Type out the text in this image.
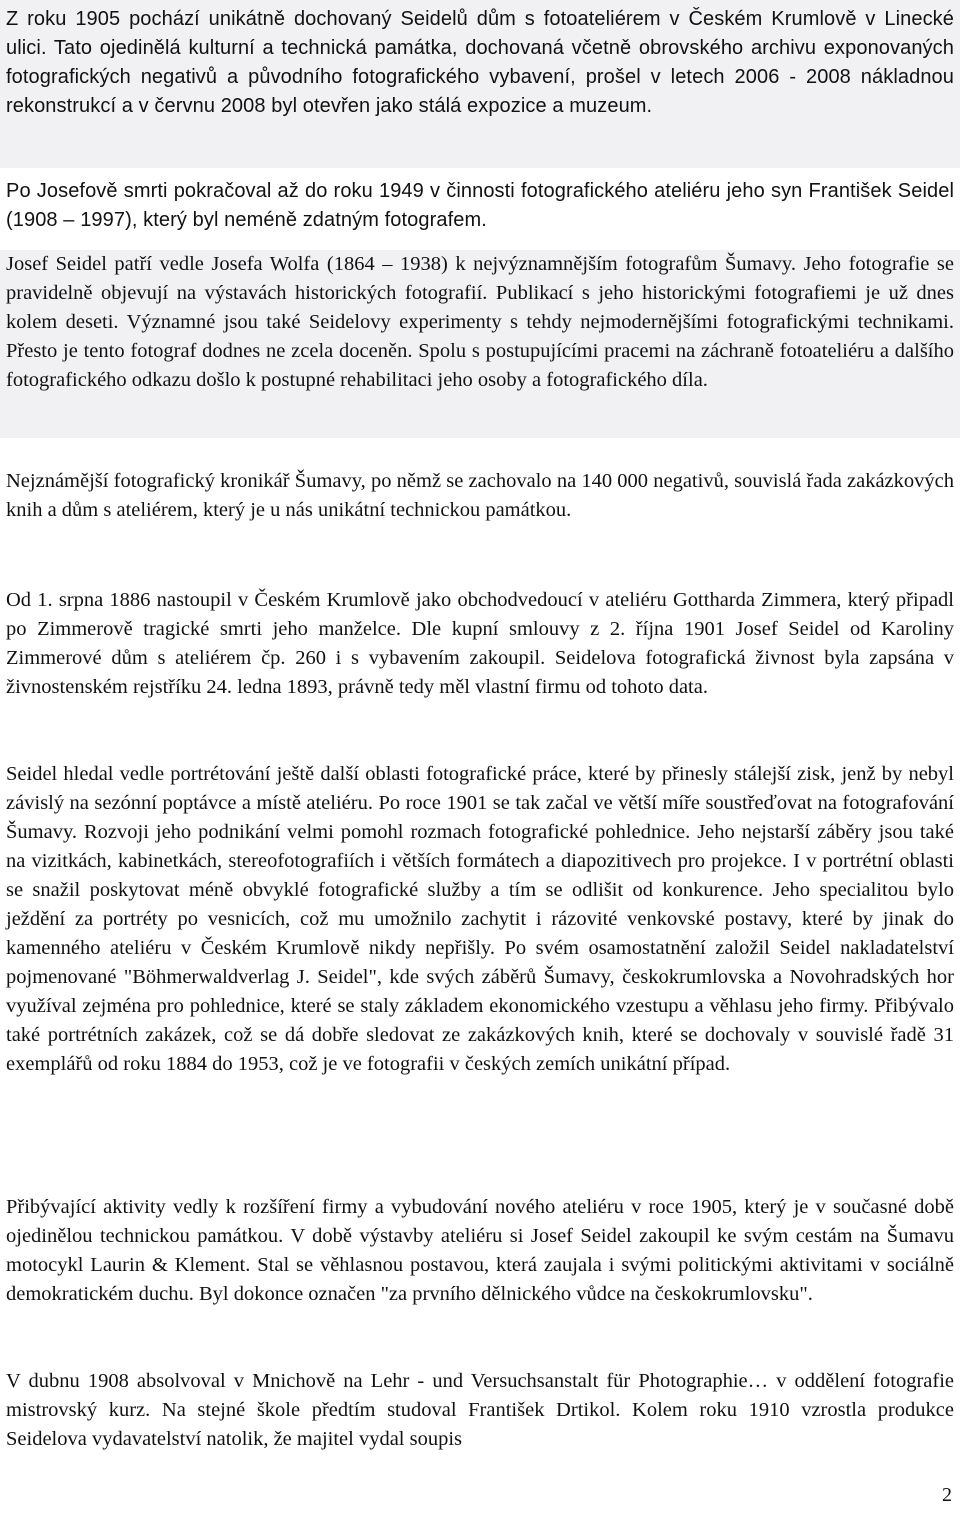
Z roku 1905 pochází unikátně dochovaný Seidelů dům s fotoateliérem v Českém Krumlově v Linecké ulici. Tato ojedinělá kulturní a technická památka, dochovaná včetně obrovského archivu exponovaných fotografických negativů a původního fotografického vybavení, prošel v letech 2006 - 2008 nákladnou rekonstrukcí a v červnu 2008 byl otevřen jako stálá expozice a muzeum.

Po Josefově smrti pokračoval až do roku 1949 v činnosti fotografického ateliéru jeho syn František Seidel (1908 – 1997), který byl neméně zdatným fotografem.

Josef Seidel patří vedle Josefa Wolfa (1864 – 1938) k nejvýznamnějším fotografům Šumavy. Jeho fotografie se pravidelně objevují na výstavách historických fotografií. Publikací s jeho historickými fotografiemi je už dnes kolem deseti. Významné jsou také Seidelovy experimenty s tehdy nejmodernějšími fotografickými technikami. Přesto je tento fotograf dodnes ne zcela doceněn. Spolu s postupujícími pracemi na záchraně fotoateliéru a dalšího fotografického odkazu došlo k postupné rehabilitaci jeho osoby a fotografického díla.

Nejznámější fotografický kronikář Šumavy, po němž se zachovalo na 140 000 negativů, souvislá řada zakázkových knih a dům s ateliérem, který je u nás unikátní technickou památkou.

Od 1. srpna 1886 nastoupil v Českém Krumlově jako obchodvedoucí v ateliéru Gottharda Zimmera, který připadl po Zimmerově tragické smrti jeho manželce. Dle kupní smlouvy z 2. října 1901 Josef Seidel od Karoliny Zimmerové dům s ateliérem čp. 260 i s vybavením zakoupil. Seidelova fotografická živnost byla zapsána v živnostenském rejstříku 24. ledna 1893, právně tedy měl vlastní firmu od tohoto data.

Seidel hledal vedle portrétování ještě další oblasti fotografické práce, které by přinesly stálejší zisk, jenž by nebyl závislý na sezónní poptávce a místě ateliéru. Po roce 1901 se tak začal ve větší míře soustřeďovat na fotografování Šumavy. Rozvoji jeho podnikání velmi pomohl rozmach fotografické pohlednice. Jeho nejstarší záběry jsou také na vizitkách, kabinetkách, stereofotografiích i větších formátech a diapozitivech pro projekce. I v portrétní oblasti se snažil poskytovat méně obvyklé fotografické služby a tím se odlišit od konkurence. Jeho specialitou bylo ježdění za portréty po vesnicích, což mu umožnilo zachytit i rázovité venkovské postavy, které by jinak do kamenného ateliéru v Českém Krumlově nikdy nepřišly. Po svém osamostatnění založil Seidel nakladatelství pojmenované "Böhmerwaldverlag J. Seidel", kde svých záběrů Šumavy, českokrumlovska a Novohradských hor využíval zejména pro pohlednice, které se staly základem ekonomického vzestupu a věhlasu jeho firmy. Přibývalo také portrétních zakázek, což se dá dobře sledovat ze zakázkových knih, které se dochovaly v souvislé řadě 31 exemplářů od roku 1884 do 1953, což je ve fotografii v českých zemích unikátní případ.

Přibývající aktivity vedly k rozšíření firmy a vybudování nového ateliéru v roce 1905, který je v současné době ojedinělou technickou památkou. V době výstavby ateliéru si Josef Seidel zakoupil ke svým cestám na Šumavu motocykl Laurin & Klement. Stal se věhlasnou postavou, která zaujala i svými politickými aktivitami v sociálně demokratickém duchu. Byl dokonce označen "za prvního dělnického vůdce na českokrumlovsku".

V dubnu 1908 absolvoval v Mnichově na Lehr - und Versuchsanstalt für Photographie… v oddělení fotografie mistrovský kurz. Na stejné škole předtím studoval František Drtikol. Kolem roku 1910 vzrostla produkce Seidelova vydavatelství natolik, že majitel vydal soupis

2
